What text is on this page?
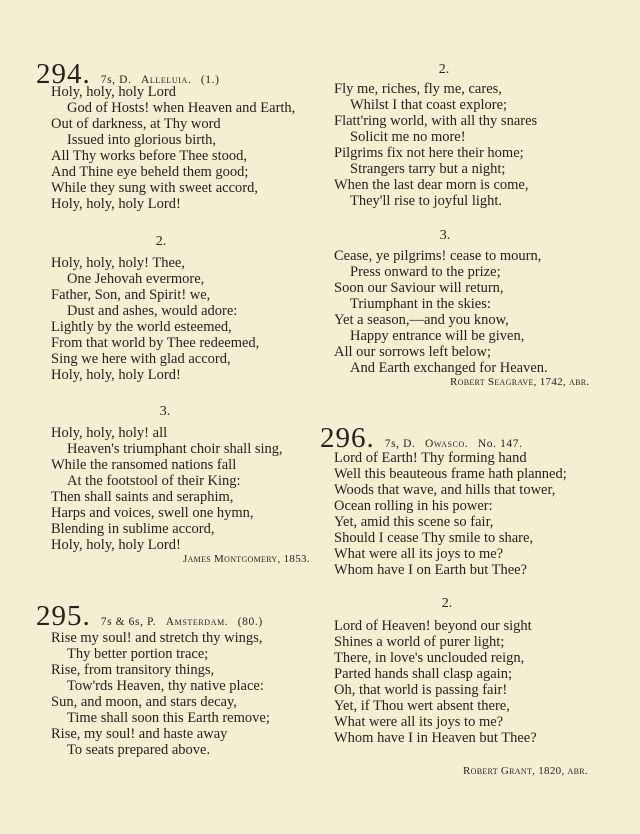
294. 7s, D. Alleluia. (1.)
Holy, holy, holy Lord
God of Hosts! when Heaven and Earth,
Out of darkness, at Thy word
Issued into glorious birth,
All Thy works before Thee stood,
And Thine eye beheld them good;
While they sung with sweet accord,
Holy, holy, holy Lord!
2.
Holy, holy, holy! Thee,
One Jehovah evermore,
Father, Son, and Spirit! we,
Dust and ashes, would adore:
Lightly by the world esteemed,
From that world by Thee redeemed,
Sing we here with glad accord,
Holy, holy, holy Lord!
3.
Holy, holy, holy! all
Heaven's triumphant choir shall sing,
While the ransomed nations fall
At the footstool of their King:
Then shall saints and seraphim,
Harps and voices, swell one hymn,
Blending in sublime accord,
Holy, holy, holy Lord!
James Montgomery, 1853.
295. 7s & 6s, P. Amsterdam. (80.)
Rise my soul! and stretch thy wings,
Thy better portion trace;
Rise, from transitory things,
Tow'rds Heaven, thy native place:
Sun, and moon, and stars decay,
Time shall soon this Earth remove;
Rise, my soul! and haste away
To seats prepared above.
2.
Fly me, riches, fly me, cares,
Whilst I that coast explore;
Flatt'ring world, with all thy snares
Solicit me no more!
Pilgrims fix not here their home;
Strangers tarry but a night;
When the last dear morn is come,
They'll rise to joyful light.
3.
Cease, ye pilgrims! cease to mourn,
Press onward to the prize;
Soon our Saviour will return,
Triumphant in the skies:
Yet a season,—and you know,
Happy entrance will be given,
All our sorrows left below;
And Earth exchanged for Heaven.
Robert Seagrave, 1742, abr.
296. 7s, D. Owasco. No. 147.
Lord of Earth! Thy forming hand
Well this beauteous frame hath planned;
Woods that wave, and hills that tower,
Ocean rolling in his power:
Yet, amid this scene so fair,
Should I cease Thy smile to share,
What were all its joys to me?
Whom have I on Earth but Thee?
2.
Lord of Heaven! beyond our sight
Shines a world of purer light;
There, in love's unclouded reign,
Parted hands shall clasp again;
Oh, that world is passing fair!
Yet, if Thou wert absent there,
What were all its joys to me?
Whom have I in Heaven but Thee?
Robert Grant, 1820, abr.
